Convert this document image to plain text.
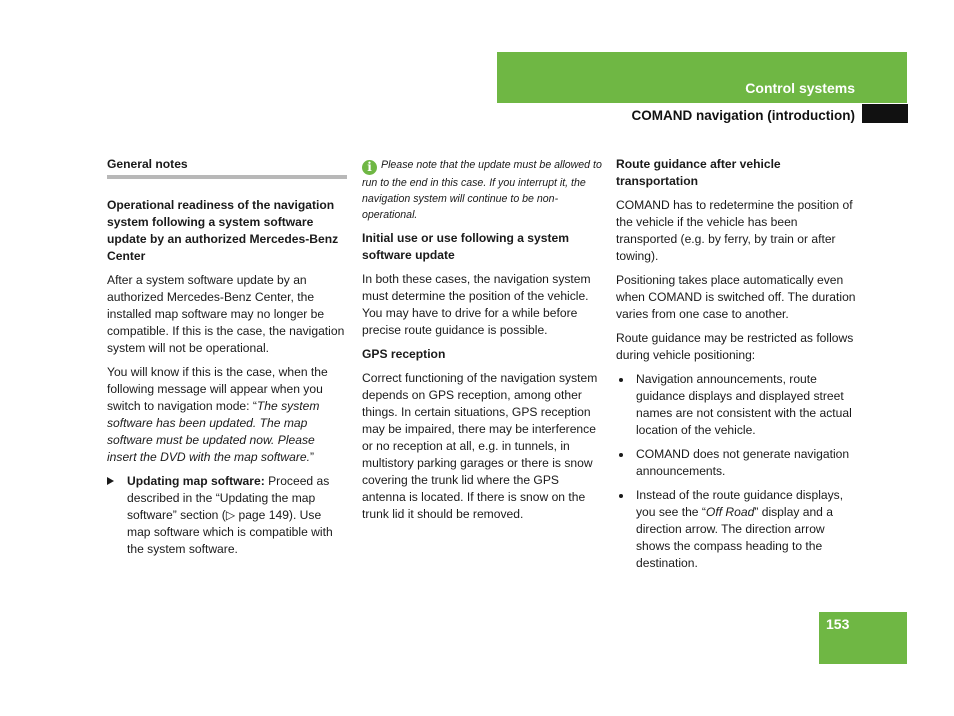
Control systems
COMAND navigation (introduction)
General notes
Operational readiness of the navigation system following a system software update by an authorized Mercedes-Benz Center

After a system software update by an authorized Mercedes-Benz Center, the installed map software may no longer be compatible. If this is the case, the navigation system will not be operational.

You will know if this is the case, when the following message will appear when you switch to navigation mode: “The system software has been updated. The map software must be updated now. Please insert the DVD with the map software.”

Updating map software: Proceed as described in the “Updating the map software” section (▷ page 149). Use map software which is compatible with the system software.

i Please note that the update must be allowed to run to the end in this case. If you interrupt it, the navigation system will continue to be non-operational.

Initial use or use following a system software update

In both these cases, the navigation system must determine the position of the vehicle. You may have to drive for a while before precise route guidance is possible.

GPS reception

Correct functioning of the navigation system depends on GPS reception, among other things. In certain situations, GPS reception may be impaired, there may be interference or no reception at all, e.g. in tunnels, in multistory parking garages or there is snow covering the trunk lid where the GPS antenna is located. If there is snow on the trunk lid it should be removed.

Route guidance after vehicle transportation

COMAND has to redetermine the position of the vehicle if the vehicle has been transported (e.g. by ferry, by train or after towing).

Positioning takes place automatically even when COMAND is switched off. The duration varies from one case to another.

Route guidance may be restricted as follows during vehicle positioning:

Navigation announcements, route guidance displays and displayed street names are not consistent with the actual location of the vehicle.
COMAND does not generate navigation announcements.
Instead of the route guidance displays, you see the “Off Road” display and a direction arrow. The direction arrow shows the compass heading to the destination.
153
